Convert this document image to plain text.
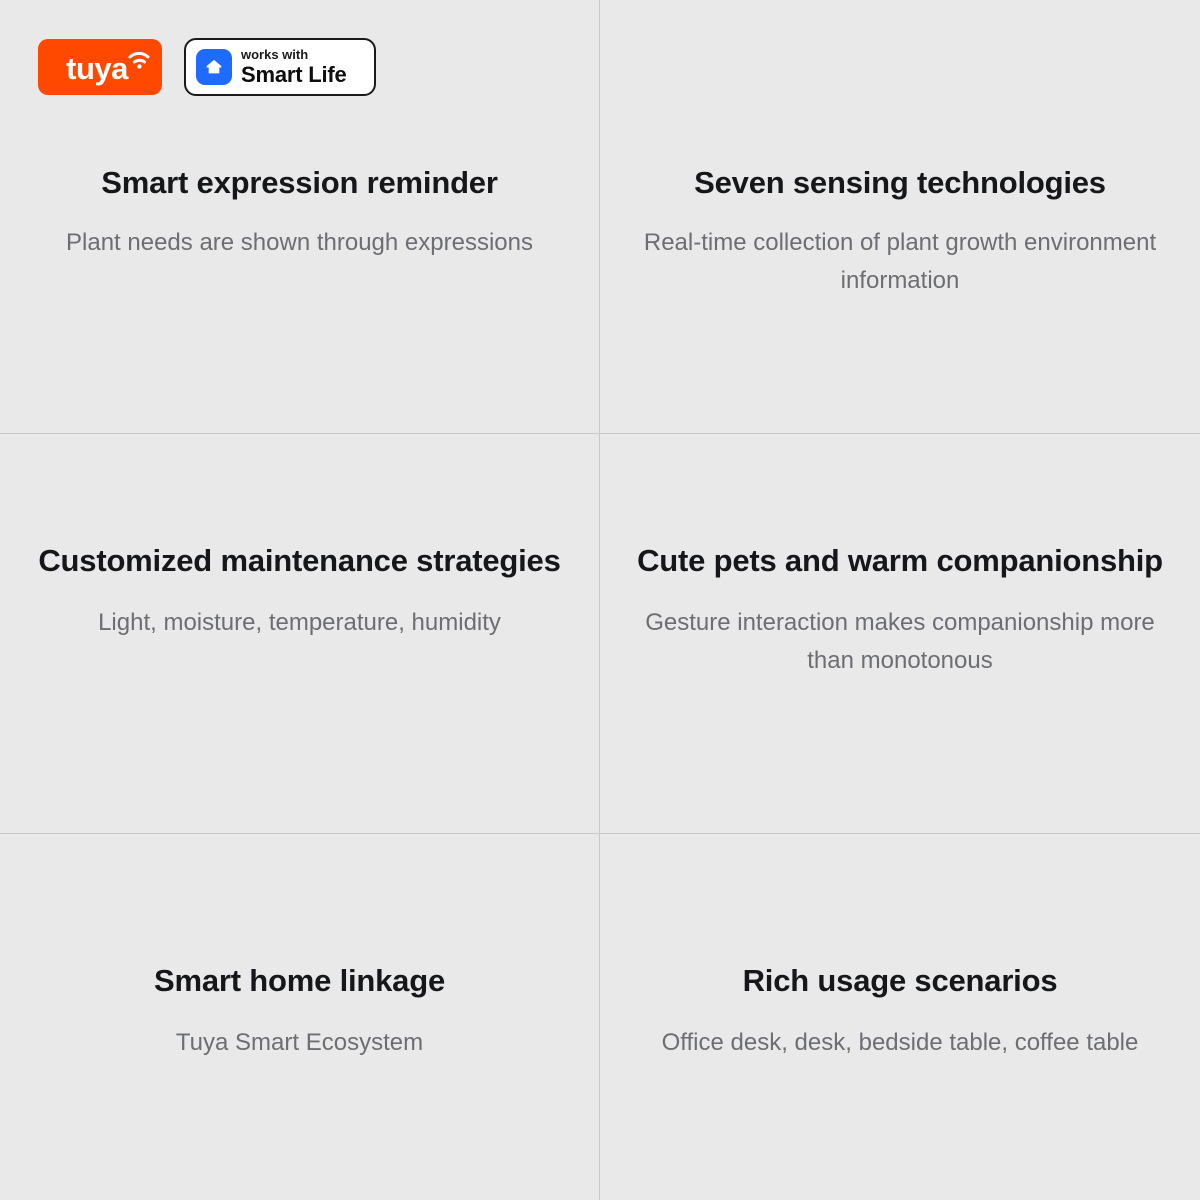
tuya	works with
Smart Life
Smart expression reminder
Plant needs are shown through expressions
Seven sensing technologies
Real-time collection of plant growth environment information
Customized maintenance strategies
Light, moisture, temperature, humidity
Cute pets and warm companionship
Gesture interaction makes companionship more than monotonous
Smart home linkage
Tuya Smart Ecosystem
Rich usage scenarios
Office desk, desk, bedside table, coffee table
